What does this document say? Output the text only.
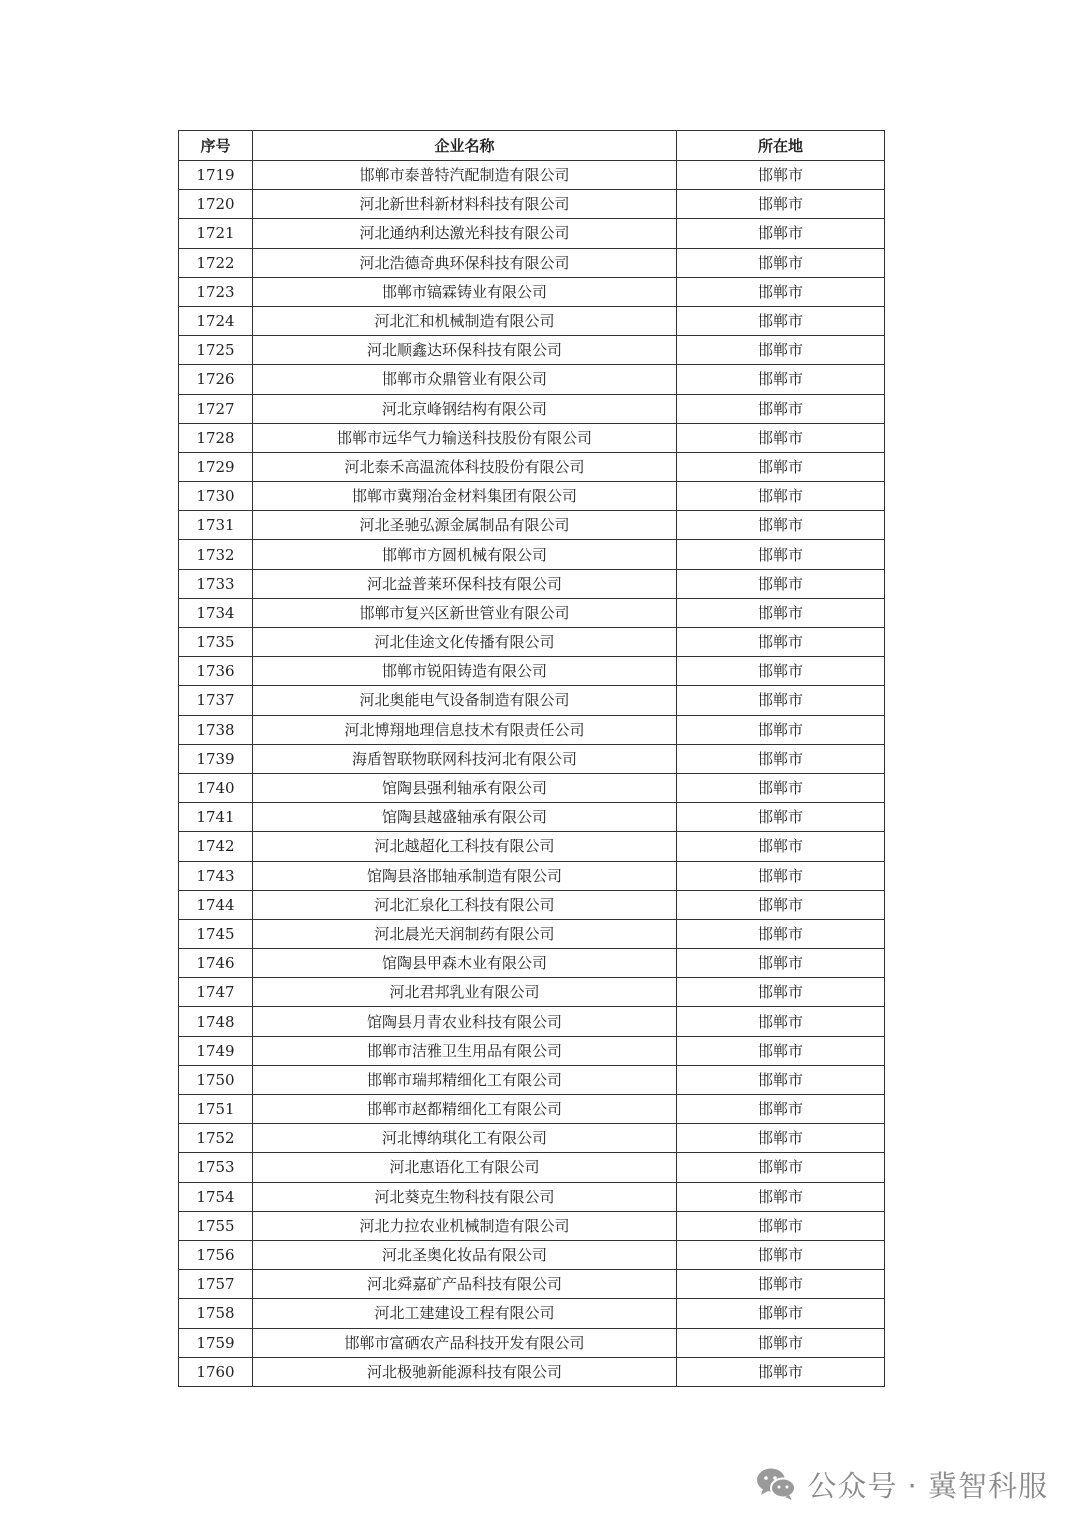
序号	企业名称	所在地
1719	邯郸市泰普特汽配制造有限公司	邯郸市
1720	河北新世科新材料科技有限公司	邯郸市
1721	河北通纳利达激光科技有限公司	邯郸市
1722	河北浩德奇典环保科技有限公司	邯郸市
1723	邯郸市镐霖铸业有限公司	邯郸市
1724	河北汇和机械制造有限公司	邯郸市
1725	河北顺鑫达环保科技有限公司	邯郸市
1726	邯郸市众鼎管业有限公司	邯郸市
1727	河北京峰钢结构有限公司	邯郸市
1728	邯郸市远华气力输送科技股份有限公司	邯郸市
1729	河北泰禾高温流体科技股份有限公司	邯郸市
1730	邯郸市冀翔冶金材料集团有限公司	邯郸市
1731	河北圣驰弘源金属制品有限公司	邯郸市
1732	邯郸市方圆机械有限公司	邯郸市
1733	河北益普莱环保科技有限公司	邯郸市
1734	邯郸市复兴区新世管业有限公司	邯郸市
1735	河北佳途文化传播有限公司	邯郸市
1736	邯郸市锐阳铸造有限公司	邯郸市
1737	河北奥能电气设备制造有限公司	邯郸市
1738	河北博翔地理信息技术有限责任公司	邯郸市
1739	海盾智联物联网科技河北有限公司	邯郸市
1740	馆陶县强利轴承有限公司	邯郸市
1741	馆陶县越盛轴承有限公司	邯郸市
1742	河北越超化工科技有限公司	邯郸市
1743	馆陶县洛邯轴承制造有限公司	邯郸市
1744	河北汇泉化工科技有限公司	邯郸市
1745	河北晨光天润制药有限公司	邯郸市
1746	馆陶县甲森木业有限公司	邯郸市
1747	河北君邦乳业有限公司	邯郸市
1748	馆陶县月青农业科技有限公司	邯郸市
1749	邯郸市洁雅卫生用品有限公司	邯郸市
1750	邯郸市瑞邦精细化工有限公司	邯郸市
1751	邯郸市赵都精细化工有限公司	邯郸市
1752	河北博纳琪化工有限公司	邯郸市
1753	河北惠语化工有限公司	邯郸市
1754	河北葵克生物科技有限公司	邯郸市
1755	河北力拉农业机械制造有限公司	邯郸市
1756	河北圣奥化妆品有限公司	邯郸市
1757	河北舜嘉矿产品科技有限公司	邯郸市
1758	河北工建建设工程有限公司	邯郸市
1759	邯郸市富硒农产品科技开发有限公司	邯郸市
1760	河北极驰新能源科技有限公司	邯郸市
公众号 · 冀智科服
